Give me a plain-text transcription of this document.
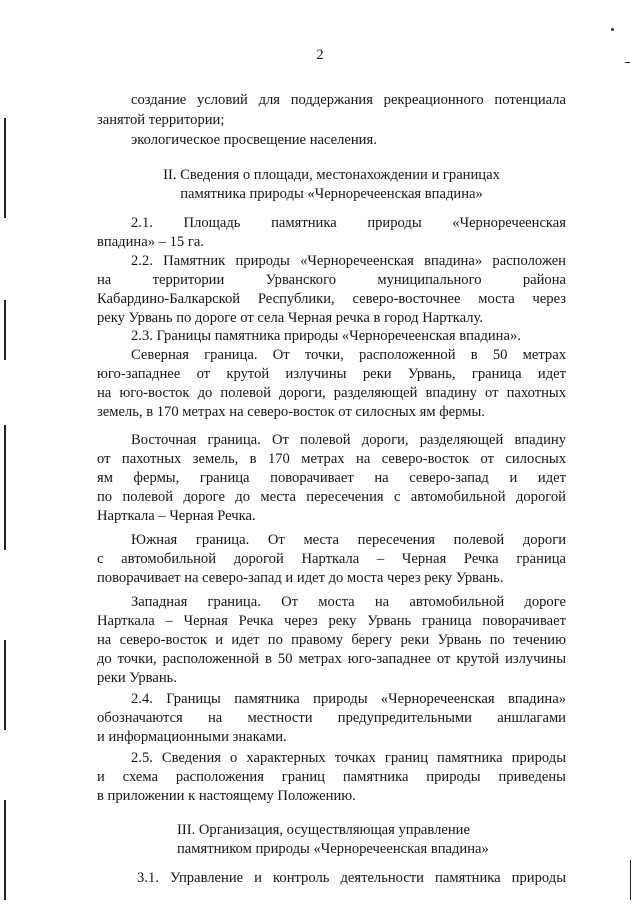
2
создание условий для поддержания рекреационного потенциала
занятой территории;
экологическое просвещение населения.
II. Сведения о площади, местонахождении и границах
памятника природы «Черноречеенская впадина»
2.1. Площадь памятника природы «Черноречеенская
впадина» – 15 га.
2.2. Памятник природы «Черноречеенская впадина» расположен
на территории Урванского муниципального района
Кабардино-Балкарской Республики, северо-восточнее моста через
реку Урвань по дороге от села Черная речка в город Нарткалу.
2.3. Границы памятника природы «Черноречеенская впадина».
Северная граница. От точки, расположенной в 50 метрах
юго-западнее от крутой излучины реки Урвань, граница идет
на юго-восток до полевой дороги, разделяющей впадину от пахотных
земель, в 170 метрах на северо-восток от силосных ям фермы.
Восточная граница. От полевой дороги, разделяющей впадину
от пахотных земель, в 170 метрах на северо-восток от силосных
ям фермы, граница поворачивает на северо-запад и идет
по полевой дороге до места пересечения с автомобильной дорогой
Нарткала – Черная Речка.
Южная граница. От места пересечения полевой дороги
с автомобильной дорогой Нарткала – Черная Речка граница
поворачивает на северо-запад и идет до моста через реку Урвань.
Западная граница. От моста на автомобильной дороге
Нарткала – Черная Речка через реку Урвань граница поворачивает
на северо-восток и идет по правому берегу реки Урвань по течению
до точки, расположенной в 50 метрах юго-западнее от крутой излучины
реки Урвань.
2.4. Границы памятника природы «Черноречеенская впадина»
обозначаются на местности предупредительными аншлагами
и информационными знаками.
2.5. Сведения о характерных точках границ памятника природы
и схема расположения границ памятника природы приведены
в приложении к настоящему Положению.
III. Организация, осуществляющая управление
памятником природы «Черноречеенская впадина»
3.1. Управление и контроль деятельности памятника природы
